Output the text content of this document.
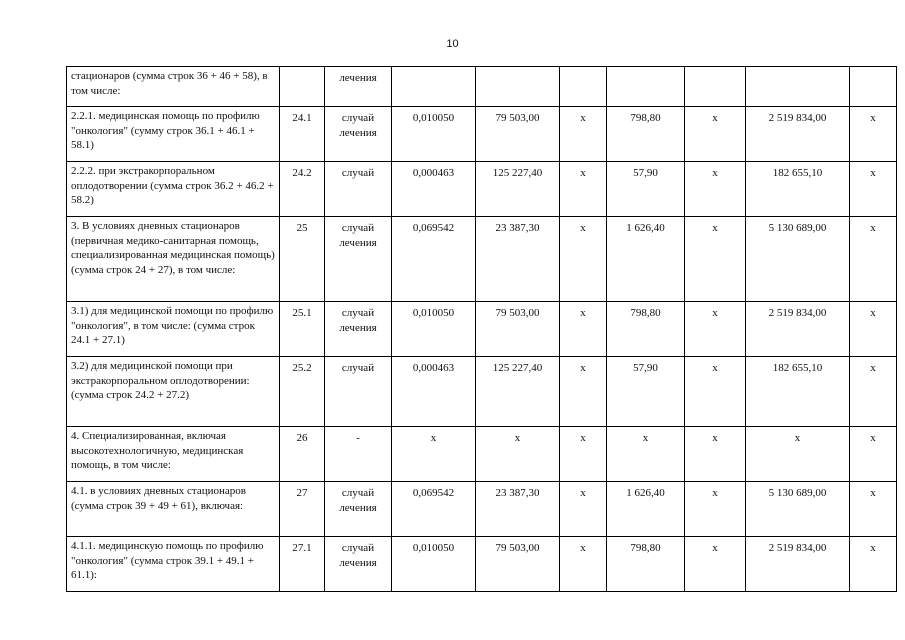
10
стационаров (сумма строк 36 + 46 + 58), в том числе:		лечения							
2.2.1. медицинская помощь по профилю "онкология" (сумму строк 36.1 + 46.1 + 58.1)	24.1	случай лечения	0,010050	79 503,00	х	798,80	х	2 519 834,00	х
2.2.2. при экстракорпоральном оплодотворении (сумма строк 36.2 + 46.2 + 58.2)	24.2	случай	0,000463	125 227,40	х	57,90	х	182 655,10	х
3. В условиях дневных стационаров (первичная медико-санитарная помощь, специализированная медицинская помощь) (сумма строк 24 + 27), в том числе:	25	случай лечения	0,069542	23 387,30	х	1 626,40	х	5 130 689,00	х
3.1) для медицинской помощи по профилю "онкология", в том числе: (сумма строк 24.1 + 27.1)	25.1	случай лечения	0,010050	79 503,00	х	798,80	х	2 519 834,00	х
3.2) для медицинской помощи при экстракорпоральном оплодотворении: (сумма строк 24.2 + 27.2)	25.2	случай	0,000463	125 227,40	х	57,90	х	182 655,10	х
4. Специализированная, включая высокотехнологичную, медицинская помощь, в том числе:	26	-	х	х	х	х	х	х	х
4.1. в условиях дневных стационаров (сумма строк 39 + 49 + 61), включая:	27	случай лечения	0,069542	23 387,30	х	1 626,40	х	5 130 689,00	х
4.1.1. медицинскую помощь по профилю "онкология" (сумма строк 39.1 + 49.1 + 61.1):	27.1	случай лечения	0,010050	79 503,00	х	798,80	х	2 519 834,00	х
